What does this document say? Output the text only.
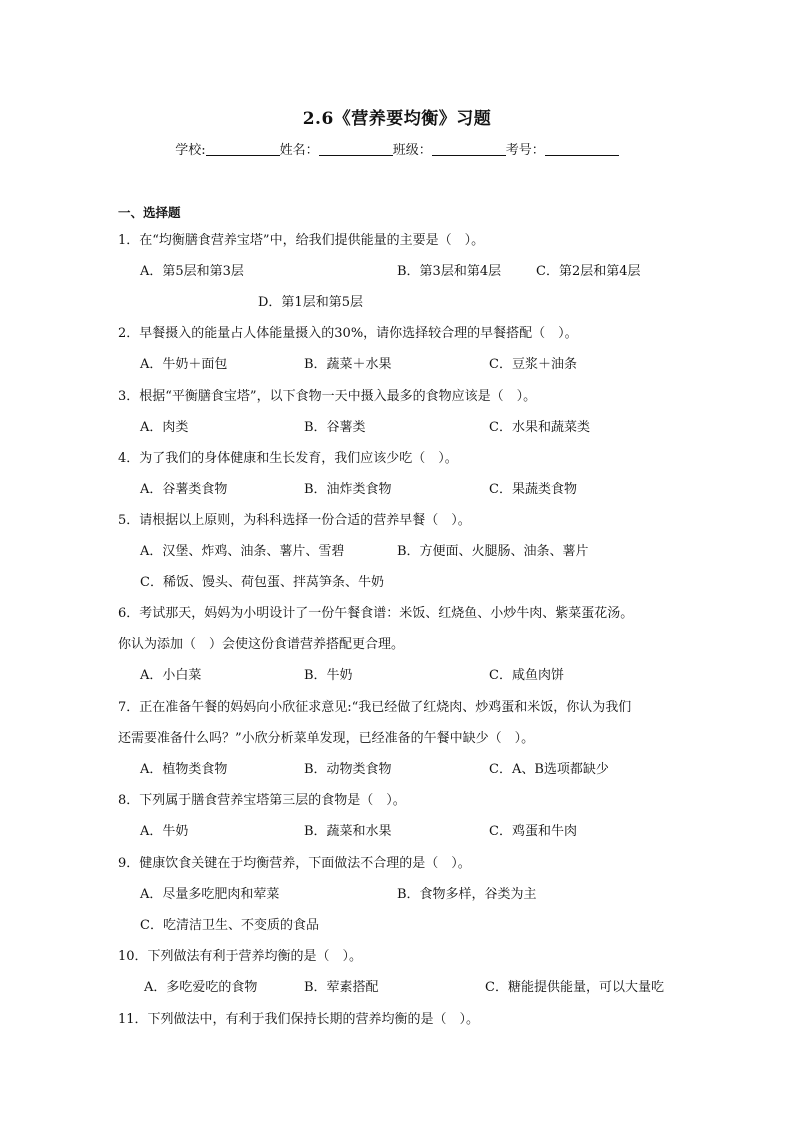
2.6《营养要均衡》习题
学校:	姓名：	班级：	考号：
一、选择题
1．在“均衡膳食营养宝塔”中，给我们提供能量的主要是（　）。
A．第5层和第3层	B．第3层和第4层	C．第2层和第4层
D．第1层和第5层
2．早餐摄入的能量占人体能量摄入的30%，请你选择较合理的早餐搭配（　）。
A．牛奶＋面包	B．蔬菜＋水果	C．豆浆＋油条
3．根据“平衡膳食宝塔”，以下食物一天中摄入最多的食物应该是（　）。
A．肉类	B．谷薯类	C．水果和蔬菜类
4．为了我们的身体健康和生长发育，我们应该少吃（　）。
A．谷薯类食物	B．油炸类食物	C．果蔬类食物
5．请根据以上原则，为科科选择一份合适的营养早餐（　）。
A．汉堡、炸鸡、油条、薯片、雪碧	B．方便面、火腿肠、油条、薯片
C．稀饭、馒头、荷包蛋、拌莴笋条、牛奶
6．考试那天，妈妈为小明设计了一份午餐食谱：米饭、红烧鱼、小炒牛肉、紫菜蛋花汤。
你认为添加（　）会使这份食谱营养搭配更合理。
A．小白菜	B．牛奶	C．咸鱼肉饼
7．正在准备午餐的妈妈向小欣征求意见:“我已经做了红烧肉、炒鸡蛋和米饭，你认为我们
还需要准备什么吗？”小欣分析菜单发现，已经准备的午餐中缺少（　）。
A．植物类食物	B．动物类食物	C．A、B选项都缺少
8．下列属于膳食营养宝塔第三层的食物是（　）。
A．牛奶	B．蔬菜和水果	C．鸡蛋和牛肉
9．健康饮食关键在于均衡营养，下面做法不合理的是（　）。
A．尽量多吃肥肉和荤菜	B．食物多样，谷类为主
C．吃清洁卫生、不变质的食品
10．下列做法有利于营养均衡的是（　）。
A．多吃爱吃的食物	B．荤素搭配	C．糖能提供能量，可以大量吃
11．下列做法中，有利于我们保持长期的营养均衡的是（　）。
